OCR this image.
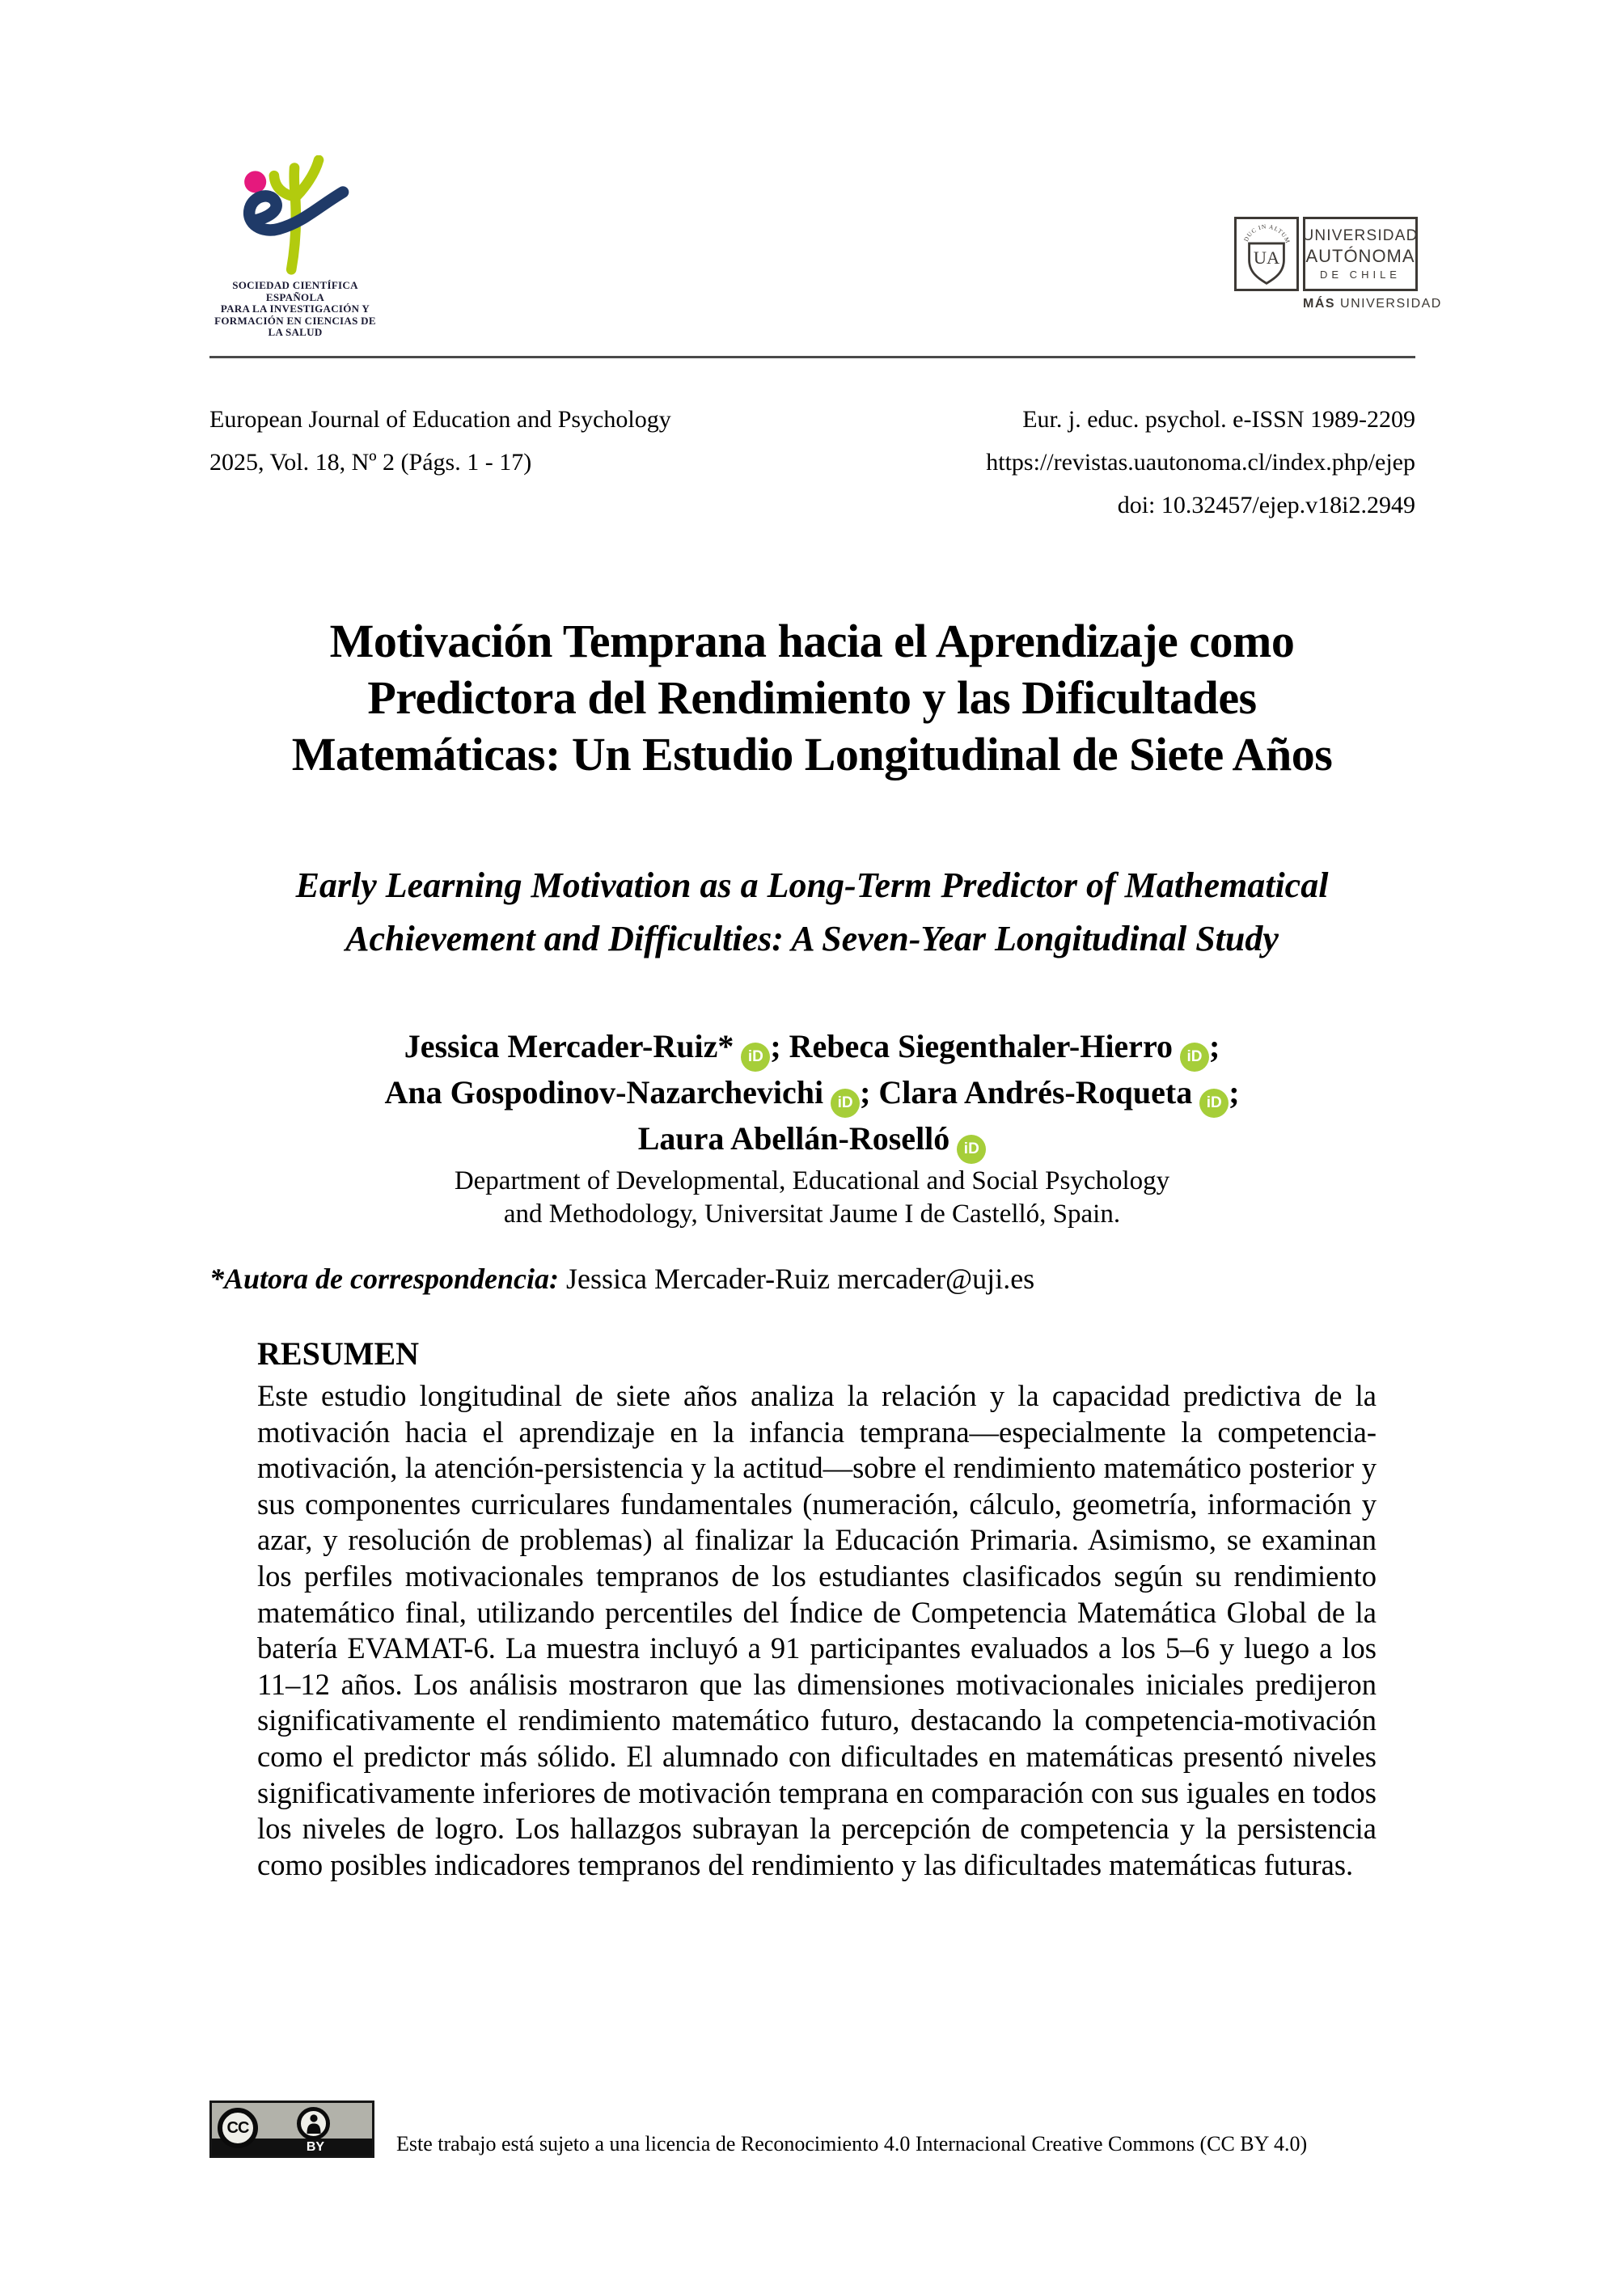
SOCIEDAD CIENTÍFICA ESPAÑOLA
PARA LA INVESTIGACIÓN Y
FORMACIÓN EN CIENCIAS DE
LA SALUD
DUC IN ALTUM
UA
UNIVERSIDAD
AUTÓNOMA
DE CHILE
MÁS UNIVERSIDAD
European Journal of Education and Psychology
2025, Vol. 18, Nº 2 (Págs. 1 - 17)
Eur. j. educ. psychol. e-ISSN 1989-2209
https://revistas.uautonoma.cl/index.php/ejep
doi: 10.32457/ejep.v18i2.2949
Motivación Temprana hacia el Aprendizaje como
Predictora del Rendimiento y las Dificultades
Matemáticas: Un Estudio Longitudinal de Siete Años
Early Learning Motivation as a Long-Term Predictor of Mathematical
Achievement and Difficulties: A Seven-Year Longitudinal Study
Jessica Mercader-Ruiz* iD ; Rebeca Siegenthaler-Hierro iD ;
Ana Gospodinov-Nazarchevichi iD ; Clara Andrés-Roqueta iD ;
Laura Abellán-Roselló iD
Department of Developmental, Educational and Social Psychology
and Methodology, Universitat Jaume I de Castelló, Spain.
*Autora de correspondencia: Jessica Mercader-Ruiz mercader@uji.es
RESUMEN
Este estudio longitudinal de siete años analiza la relación y la capacidad predictiva de la motivación hacia el aprendizaje en la infancia temprana—especialmente la competencia-motivación, la atención-persistencia y la actitud—sobre el rendimiento matemático posterior y sus componentes curriculares fundamentales (numeración, cálculo, geometría, información y azar, y resolución de problemas) al finalizar la Educación Primaria. Asimismo, se examinan los perfiles motivacionales tempranos de los estudiantes clasificados según su rendimiento matemático final, utilizando percentiles del Índice de Competencia Matemática Global de la batería EVAMAT-6. La muestra incluyó a 91 participantes evaluados a los 5–6 y luego a los 11–12 años. Los análisis mostraron que las dimensiones motivacionales iniciales predijeron significativamente el rendimiento matemático futuro, destacando la competencia-motivación como el predictor más sólido. El alumnado con dificultades en matemáticas presentó niveles significativamente inferiores de motivación temprana en comparación con sus iguales en todos los niveles de logro. Los hallazgos subrayan la percepción de competencia y la persistencia como posibles indicadores tempranos del rendimiento y las dificultades matemáticas futuras.
BY
CC
Este trabajo está sujeto a una licencia de Reconocimiento 4.0 Internacional Creative Commons (CC BY 4.0)
